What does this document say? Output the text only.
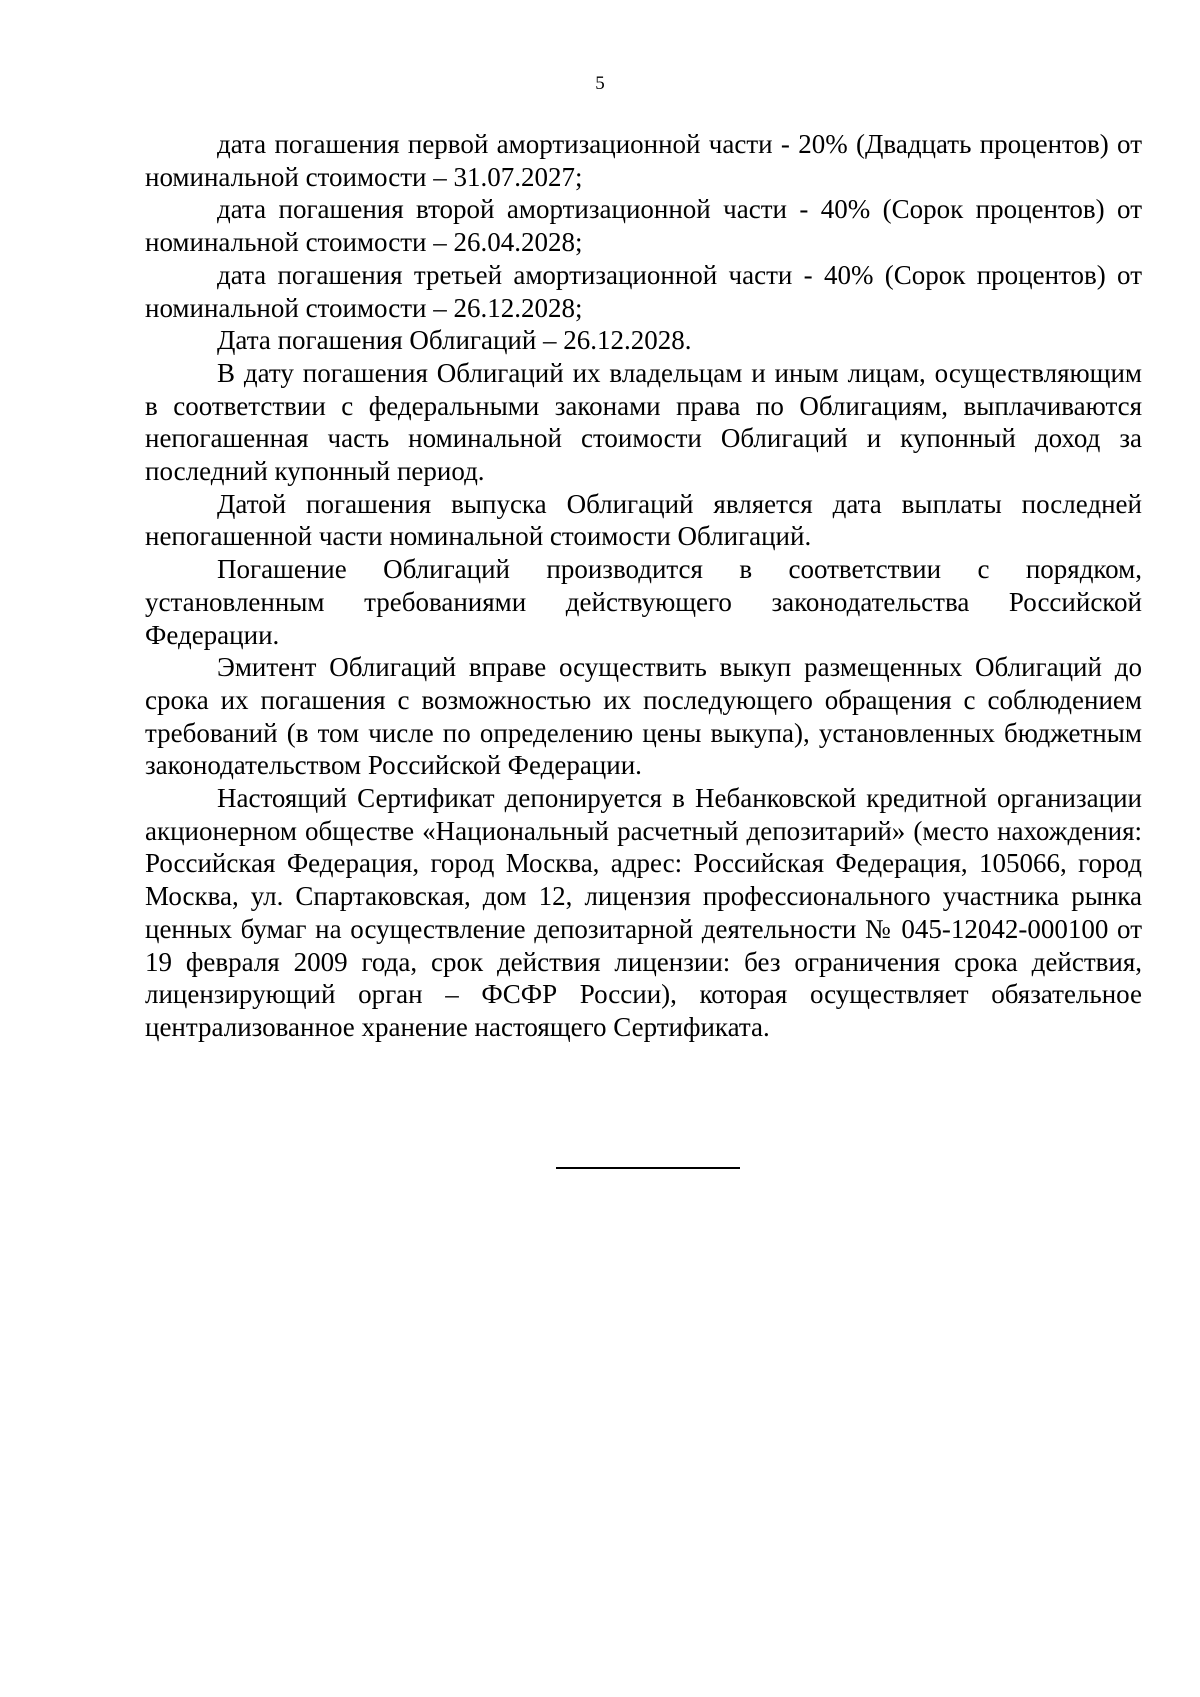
5

дата погашения первой амортизационной части - 20% (Двадцать процентов) от номинальной стоимости – 31.07.2027;

дата погашения второй амортизационной части - 40% (Сорок процентов) от номинальной стоимости – 26.04.2028;

дата погашения третьей амортизационной части - 40% (Сорок процентов) от номинальной стоимости – 26.12.2028;

Дата погашения Облигаций – 26.12.2028.

В дату погашения Облигаций их владельцам и иным лицам, осуществляющим в соответствии с федеральными законами права по Облигациям, выплачиваются непогашенная часть номинальной стоимости Облигаций и купонный доход за последний купонный период.

Датой погашения выпуска Облигаций является дата выплаты последней непогашенной части номинальной стоимости Облигаций.

Погашение Облигаций производится в соответствии с порядком, установленным требованиями действующего законодательства Российской Федерации.

Эмитент Облигаций вправе осуществить выкуп размещенных Облигаций до срока их погашения с возможностью их последующего обращения с соблюдением требований (в том числе по определению цены выкупа), установленных бюджетным законодательством Российской Федерации.

Настоящий Сертификат депонируется в Небанковской кредитной организации акционерном обществе «Национальный расчетный депозитарий» (место нахождения: Российская Федерация, город Москва, адрес: Российская Федерация, 105066, город Москва, ул. Спартаковская, дом 12, лицензия профессионального участника рынка ценных бумаг на осуществление депозитарной деятельности № 045-12042-000100 от 19 февраля 2009 года, срок действия лицензии: без ограничения срока действия, лицензирующий орган – ФСФР России), которая осуществляет обязательное централизованное хранение настоящего Сертификата.
